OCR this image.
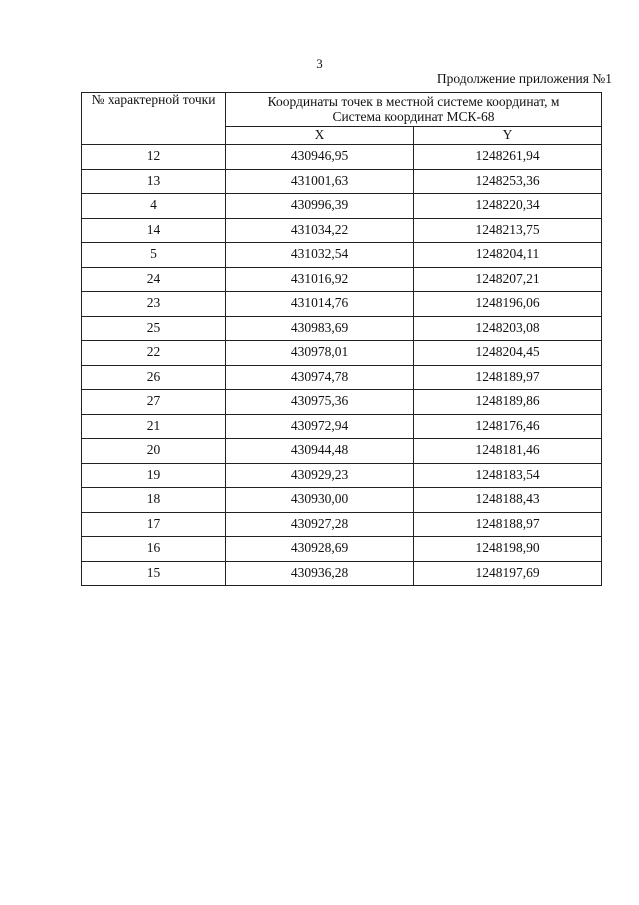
3
Продолжение приложения №1
№ характерной точки	Координаты точек в местной системе координат, м
Система координат МСК-68	
	X	Y
12	430946,95	1248261,94
13	431001,63	1248253,36
4	430996,39	1248220,34
14	431034,22	1248213,75
5	431032,54	1248204,11
24	431016,92	1248207,21
23	431014,76	1248196,06
25	430983,69	1248203,08
22	430978,01	1248204,45
26	430974,78	1248189,97
27	430975,36	1248189,86
21	430972,94	1248176,46
20	430944,48	1248181,46
19	430929,23	1248183,54
18	430930,00	1248188,43
17	430927,28	1248188,97
16	430928,69	1248198,90
15	430936,28	1248197,69
